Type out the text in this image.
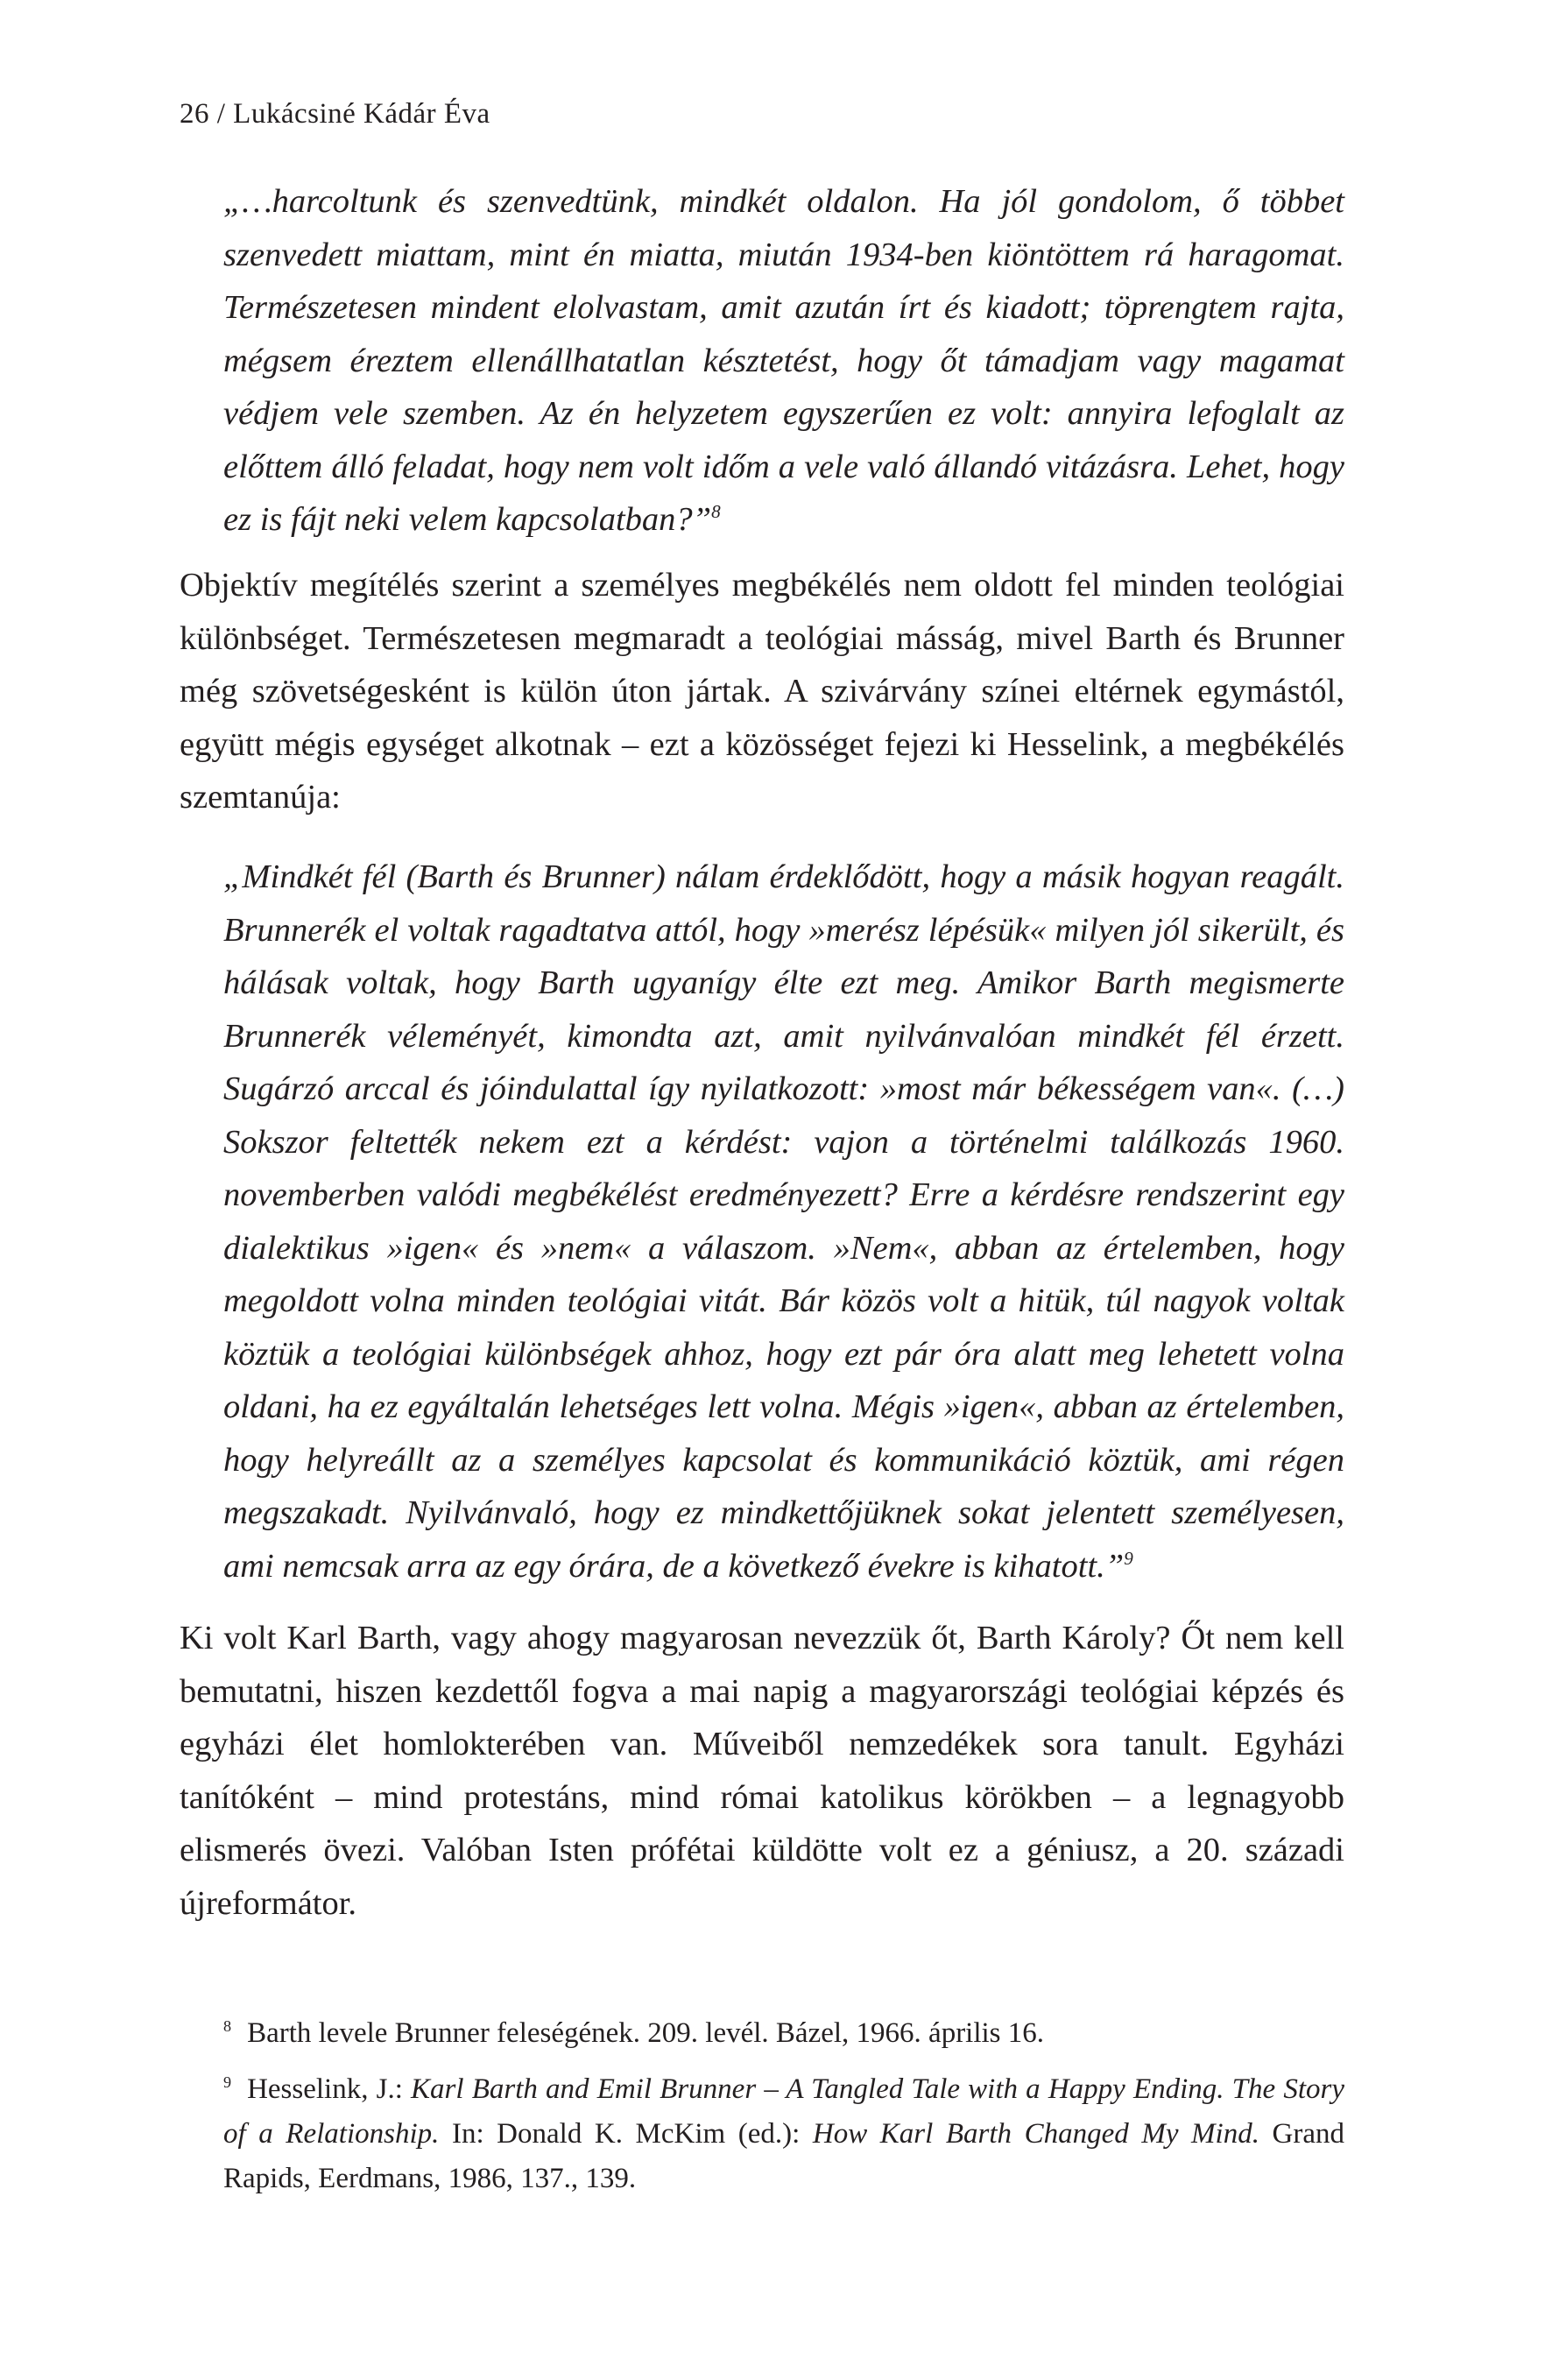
26 / Lukácsiné Kádár Éva
„…harcoltunk és szenvedtünk, mindkét oldalon. Ha jól gondolom, ő többet szenvedett miattam, mint én miatta, miután 1934-ben kiöntöttem rá haragomat. Természetesen mindent elolvastam, amit azután írt és kiadott; töprengtem rajta, mégsem éreztem ellenállhatatlan késztetést, hogy őt támadjam vagy magamat védjem vele szemben. Az én helyzetem egyszerűen ez volt: annyira lefoglalt az előttem álló feladat, hogy nem volt időm a vele való állandó vitázásra. Lehet, hogy ez is fájt neki velem kapcsolatban?”$^8$

Objektív megítélés szerint a személyes megbékélés nem oldott fel minden teológiai különbséget. Természetesen megmaradt a teológiai másság, mivel Barth és Brunner még szövetségesként is külön úton jártak. A szivárvány színei eltérnek egymástól, együtt mégis egységet alkotnak – ezt a közösséget fejezi ki Hesselink, a megbékélés szemtanúja:

„Mindkét fél (Barth és Brunner) nálam érdeklődött, hogy a másik hogyan reagált. Brunnerék el voltak ragadtatva attól, hogy »merész lépésük« milyen jól sikerült, és hálásak voltak, hogy Barth ugyanígy élte ezt meg. Amikor Barth megismerte Brunnerék véleményét, kimondta azt, amit nyilvánvalóan mindkét fél érzett. Sugárzó arccal és jóindulattal így nyilatkozott: »most már békességem van«. (…) Sokszor feltették nekem ezt a kérdést: vajon a történelmi találkozás 1960. novemberben valódi megbékélést eredményezett? Erre a kérdésre rendszerint egy dialektikus »igen« és »nem« a válaszom. »Nem«, abban az értelemben, hogy megoldott volna minden teológiai vitát. Bár közös volt a hitük, túl nagyok voltak köztük a teológiai különbségek ahhoz, hogy ezt pár óra alatt meg lehetett volna oldani, ha ez egyáltalán lehetséges lett volna. Mégis »igen«, abban az értelemben, hogy helyreállt az a személyes kapcsolat és kommunikáció köztük, ami régen megszakadt. Nyilvánvaló, hogy ez mindkettőjüknek sokat jelentett személyesen, ami nemcsak arra az egy órára, de a következő évekre is kihatott.”$^9$

Ki volt Karl Barth, vagy ahogy magyarosan nevezzük őt, Barth Károly? Őt nem kell bemutatni, hiszen kezdettől fogva a mai napig a magyarországi teológiai képzés és egyházi élet homlokterében van. Műveiből nemzedékek sora tanult. Egyházi tanítóként – mind protestáns, mind római katolikus körökben – a legnagyobb elismerés övezi. Valóban Isten prófétai küldötte volt ez a géniusz, a 20. századi újreformátor.

$^8$ Barth levele Brunner feleségének. 209. levél. Bázel, 1966. április 16.

$^9$ Hesselink, J.: Karl Barth and Emil Brunner – A Tangled Tale with a Happy Ending. The Story of a Relationship. In: Donald K. McKim (ed.): How Karl Barth Changed My Mind. Grand Rapids, Eerdmans, 1986, 137., 139.
